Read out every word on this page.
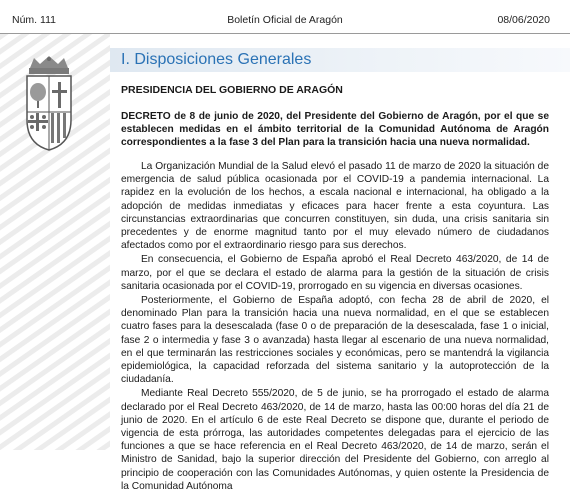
Boletín Oficial de Aragón
Núm. 111	08/06/2020
I. Disposiciones Generales
PRESIDENCIA DEL GOBIERNO DE ARAGÓN
DECRETO de 8 de junio de 2020, del Presidente del Gobierno de Aragón, por el que se establecen medidas en el ámbito territorial de la Comunidad Autónoma de Aragón correspondientes a la fase 3 del Plan para la transición hacia una nueva normalidad.

La Organización Mundial de la Salud elevó el pasado 11 de marzo de 2020 la situación de emergencia de salud pública ocasionada por el COVID-19 a pandemia internacional. La rapidez en la evolución de los hechos, a escala nacional e internacional, ha obligado a la adopción de medidas inmediatas y eficaces para hacer frente a esta coyuntura. Las circunstancias extraordinarias que concurren constituyen, sin duda, una crisis sanitaria sin precedentes y de enorme magnitud tanto por el muy elevado número de ciudadanos afectados como por el extraordinario riesgo para sus derechos.

En consecuencia, el Gobierno de España aprobó el Real Decreto 463/2020, de 14 de marzo, por el que se declara el estado de alarma para la gestión de la situación de crisis sanitaria ocasionada por el COVID-19, prorrogado en su vigencia en diversas ocasiones.

Posteriormente, el Gobierno de España adoptó, con fecha 28 de abril de 2020, el denominado Plan para la transición hacia una nueva normalidad, en el que se establecen cuatro fases para la desescalada (fase 0 o de preparación de la desescalada, fase 1 o inicial, fase 2 o intermedia y fase 3 o avanzada) hasta llegar al escenario de una nueva normalidad, en el que terminarán las restricciones sociales y económicas, pero se mantendrá la vigilancia epidemiológica, la capacidad reforzada del sistema sanitario y la autoprotección de la ciudadanía.

Mediante Real Decreto 555/2020, de 5 de junio, se ha prorrogado el estado de alarma declarado por el Real Decreto 463/2020, de 14 de marzo, hasta las 00:00 horas del día 21 de junio de 2020. En el artículo 6 de este Real Decreto se dispone que, durante el periodo de vigencia de esta prórroga, las autoridades competentes delegadas para el ejercicio de las funciones a que se hace referencia en el Real Decreto 463/2020, de 14 de marzo, serán el Ministro de Sanidad, bajo la superior dirección del Presidente del Gobierno, con arreglo al principio de cooperación con las Comunidades Autónomas, y quien ostente la Presidencia de la Comunidad Autónoma
